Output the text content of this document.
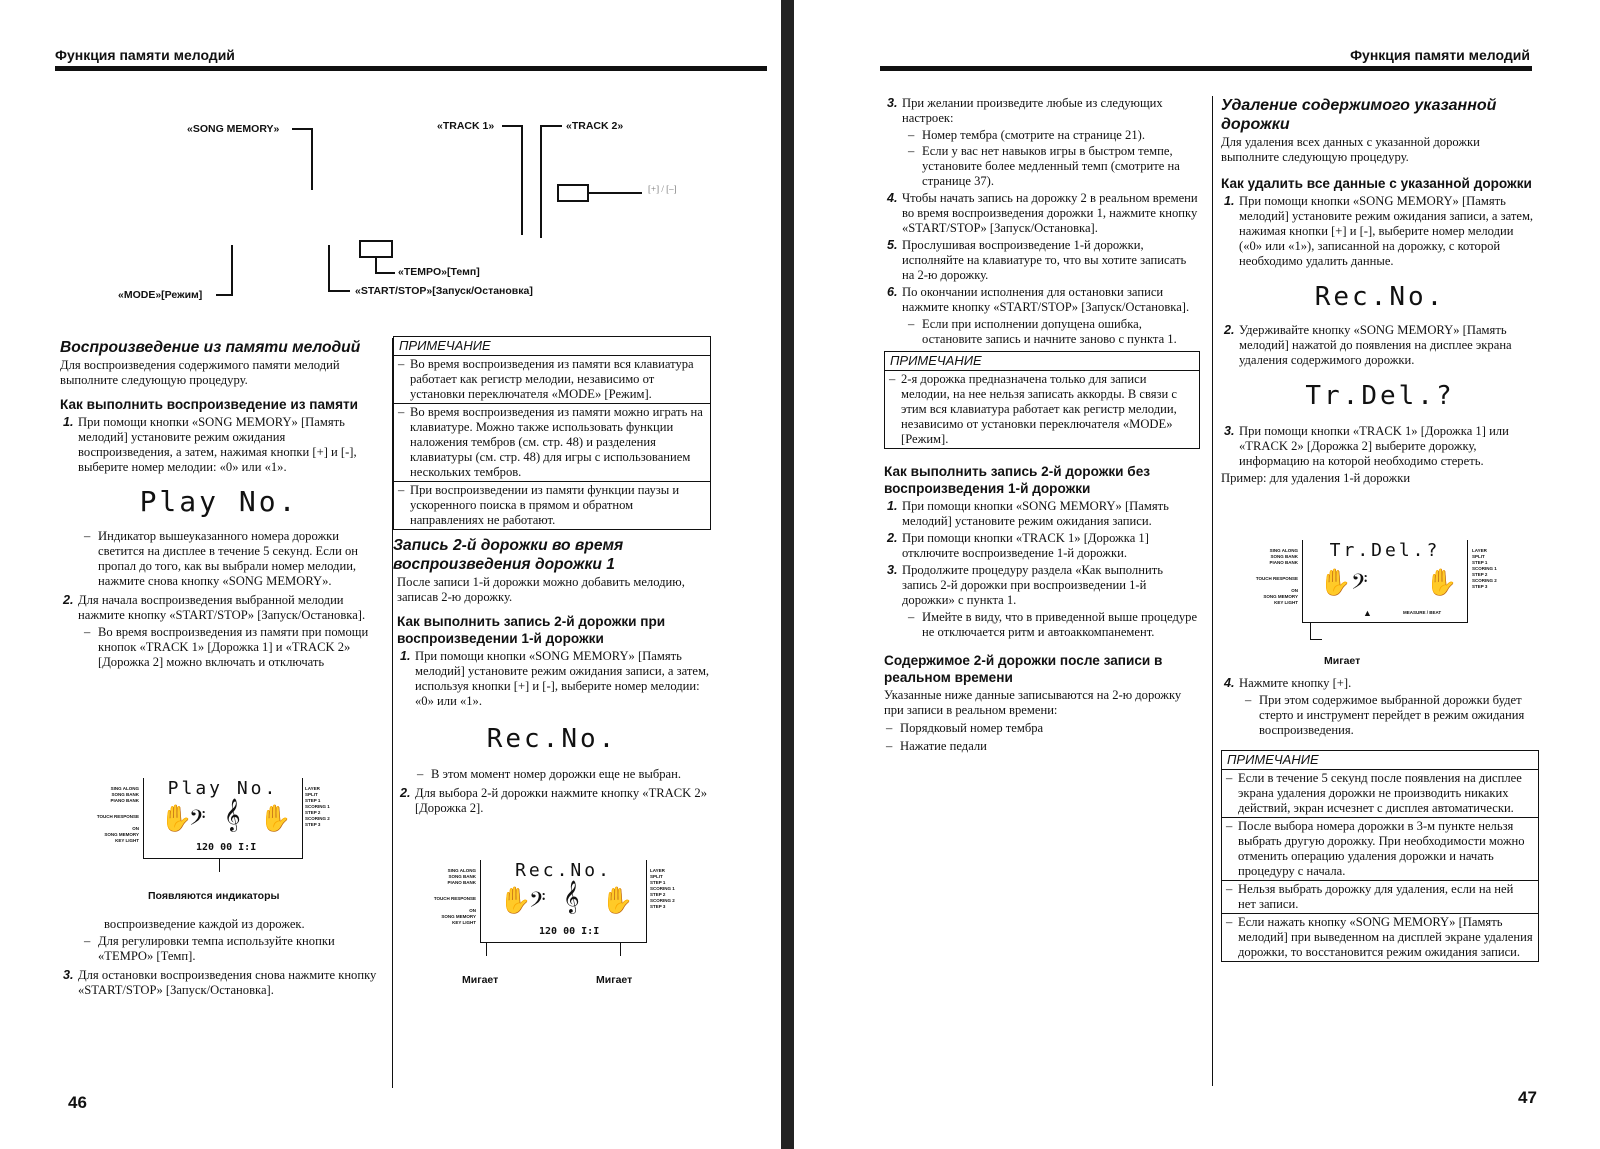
Функция памяти мелодий	Функция памяти мелодий
«SONG MEMORY»	«TRACK 1»	«TRACK 2»
[+] / [–]
«TEMPO»[Темп]
«START/STOP»[Запуск/Остановка]
«MODE»[Режим]
Воспроизведение из памяти мелодий
Для воспроизведения содержимого памяти мелодий выполните следующую процедуру.
Как выполнить воспроизведение из памяти
1. При помощи кнопки «SONG MEMORY» [Память мелодий] установите режим ожидания воспроизведения, а затем, нажимая кнопки [+] и [-], выберите номер мелодии: «0» или «1».
Play No.
– Индикатор вышеуказанного номера дорожки светится на дисплее в течение 5 секунд. Если он пропал до того, как вы выбрали номер мелодии, нажмите снова кнопку «SONG MEMORY».
2. Для начала воспроизведения выбранной мелодии нажмите кнопку «START/STOP» [Запуск/Остановка].
– Во время воспроизведения из памяти при помощи кнопок «TRACK 1» [Дорожка 1] и «TRACK 2» [Дорожка 2] можно включать и отключать
SING ALONG
SONG BANK
PIANO BANK
TOUCH RESPONSE
ON
SONG MEMORY
KEY LIGHT
Play No.
✋
𝄢 𝄞 ✋
120 00 I:I
LAYER
SPLIT
STEP 1
SCORING 1
STEP 2
SCORING 2
STEP 3
Появляются индикаторы
воспроизведение каждой из дорожек.
– Для регулировки темпа используйте кнопки «TEMPO» [Темп].
3. Для остановки воспроизведения снова нажмите кнопку «START/STOP» [Запуск/Остановка].
ПРИМЕЧАНИЕ
– Во время воспроизведения из памяти вся клавиатура работает как регистр мелодии, независимо от установки переключателя «MODE» [Режим].
– Во время воспроизведения из памяти можно играть на клавиатуре. Можно также использовать функции наложения тембров (см. стр. 48) и разделения клавиатуры (см. стр. 48) для игры с использованием нескольких тембров.
– При воспроизведении из памяти функции паузы и ускоренного поиска в прямом и обратном направлениях не работают.
Запись 2-й дорожки во время воспроизведения дорожки 1
После записи 1-й дорожки можно добавить мелодию, записав 2-ю дорожку.
Как выполнить запись 2-й дорожки при воспроизведении 1-й дорожки
1. При помощи кнопки «SONG MEMORY» [Память мелодий] установите режим ожидания записи, а затем, используя кнопки [+] и [-], выберите номер мелодии: «0» или «1».
Rec.No.
– В этом момент номер дорожки еще не выбран.
2. Для выбора 2-й дорожки нажмите кнопку «TRACK 2» [Дорожка 2].
SING ALONG
SONG BANK
PIANO BANK
TOUCH RESPONSE
ON
SONG MEMORY
KEY LIGHT
Rec.No.
✋
𝄢 𝄞 ✋
120 00 I:I
LAYER
SPLIT
STEP 1
SCORING 1
STEP 2
SCORING 2
STEP 3
Мигает	Мигает
46
3. При желании произведите любые из следующих настроек:
– Номер тембра (смотрите на странице 21).
– Если у вас нет навыков игры в быстром темпе, установите более медленный темп (смотрите на странице 37).
4. Чтобы начать запись на дорожку 2 в реальном времени во время воспроизведения дорожки 1, нажмите кнопку «START/STOP» [Запуск/Остановка].
5. Прослушивая воспроизведение 1-й дорожки, исполняйте на клавиатуре то, что вы хотите записать на 2-ю дорожку.
6. По окончании исполнения для остановки записи нажмите кнопку «START/STOP» [Запуск/Остановка].
– Если при исполнении допущена ошибка, остановите запись и начните заново с пункта 1.
ПРИМЕЧАНИЕ
– 2-я дорожка предназначена только для записи мелодии, на нее нельзя записать аккорды. В связи с этим вся клавиатура работает как регистр мелодии, независимо от установки переключателя «MODE» [Режим].
Как выполнить запись 2-й дорожки без воспроизведения 1-й дорожки
1. При помощи кнопки «SONG MEMORY» [Память мелодий] установите режим ожидания записи.
2. При помощи кнопки «TRACK 1» [Дорожка 1] отключите воспроизведение 1-й дорожки.
3. Продолжите процедуру раздела «Как выполнить запись 2-й дорожки при воспроизведении 1-й дорожки» с пункта 1.
– Имейте в виду, что в приведенной выше процедуре не отключается ритм и автоаккомпанемент.
Содержимое 2-й дорожки после записи в реальном времени
Указанные ниже данные записываются на 2-ю дорожку при записи в реальном времени:
– Порядковый номер тембра
– Нажатие педали
Удаление содержимого указанной дорожки
Для удаления всех данных с указанной дорожки выполните следующую процедуру.
Как удалить все данные с указанной дорожки
1. При помощи кнопки «SONG MEMORY» [Память мелодий] установите режим ожидания записи, а затем, нажимая кнопки [+] и [-], выберите номер мелодии («0» или «1»), записанной на дорожку, с которой необходимо удалить данные.
Rec.No.
2. Удерживайте кнопку «SONG MEMORY» [Память мелодий] нажатой до появления на дисплее экрана удаления содержимого дорожки.
Tr.Del.?
3. При помощи кнопки «TRACK 1» [Дорожка 1] или «TRACK 2» [Дорожка 2] выберите дорожку, информацию на которой необходимо стереть.
Пример: для удаления 1-й дорожки
SING ALONG
SONG BANK
PIANO BANK
TOUCH RESPONSE
ON
SONG MEMORY
KEY LIGHT
Tr.Del.?
✋ 𝄢 ✋
▲	MEASURE / BEAT
LAYER
SPLIT
STEP 1
SCORING 1
STEP 2
SCORING 2
STEP 3
Мигает
4. Нажмите кнопку [+].
– При этом содержимое выбранной дорожки будет стерто и инструмент перейдет в режим ожидания воспроизведения.
ПРИМЕЧАНИЕ
– Если в течение 5 секунд после появления на дисплее экрана удаления дорожки не производить никаких действий, экран исчезнет с дисплея автоматически.
– После выбора номера дорожки в 3-м пункте нельзя выбрать другую дорожку. При необходимости можно отменить операцию удаления дорожки и начать процедуру с начала.
– Нельзя выбрать дорожку для удаления, если на ней нет записи.
– Если нажать кнопку «SONG MEMORY» [Память мелодий] при выведенном на дисплей экране удаления дорожки, то восстановится режим ожидания записи.
47
